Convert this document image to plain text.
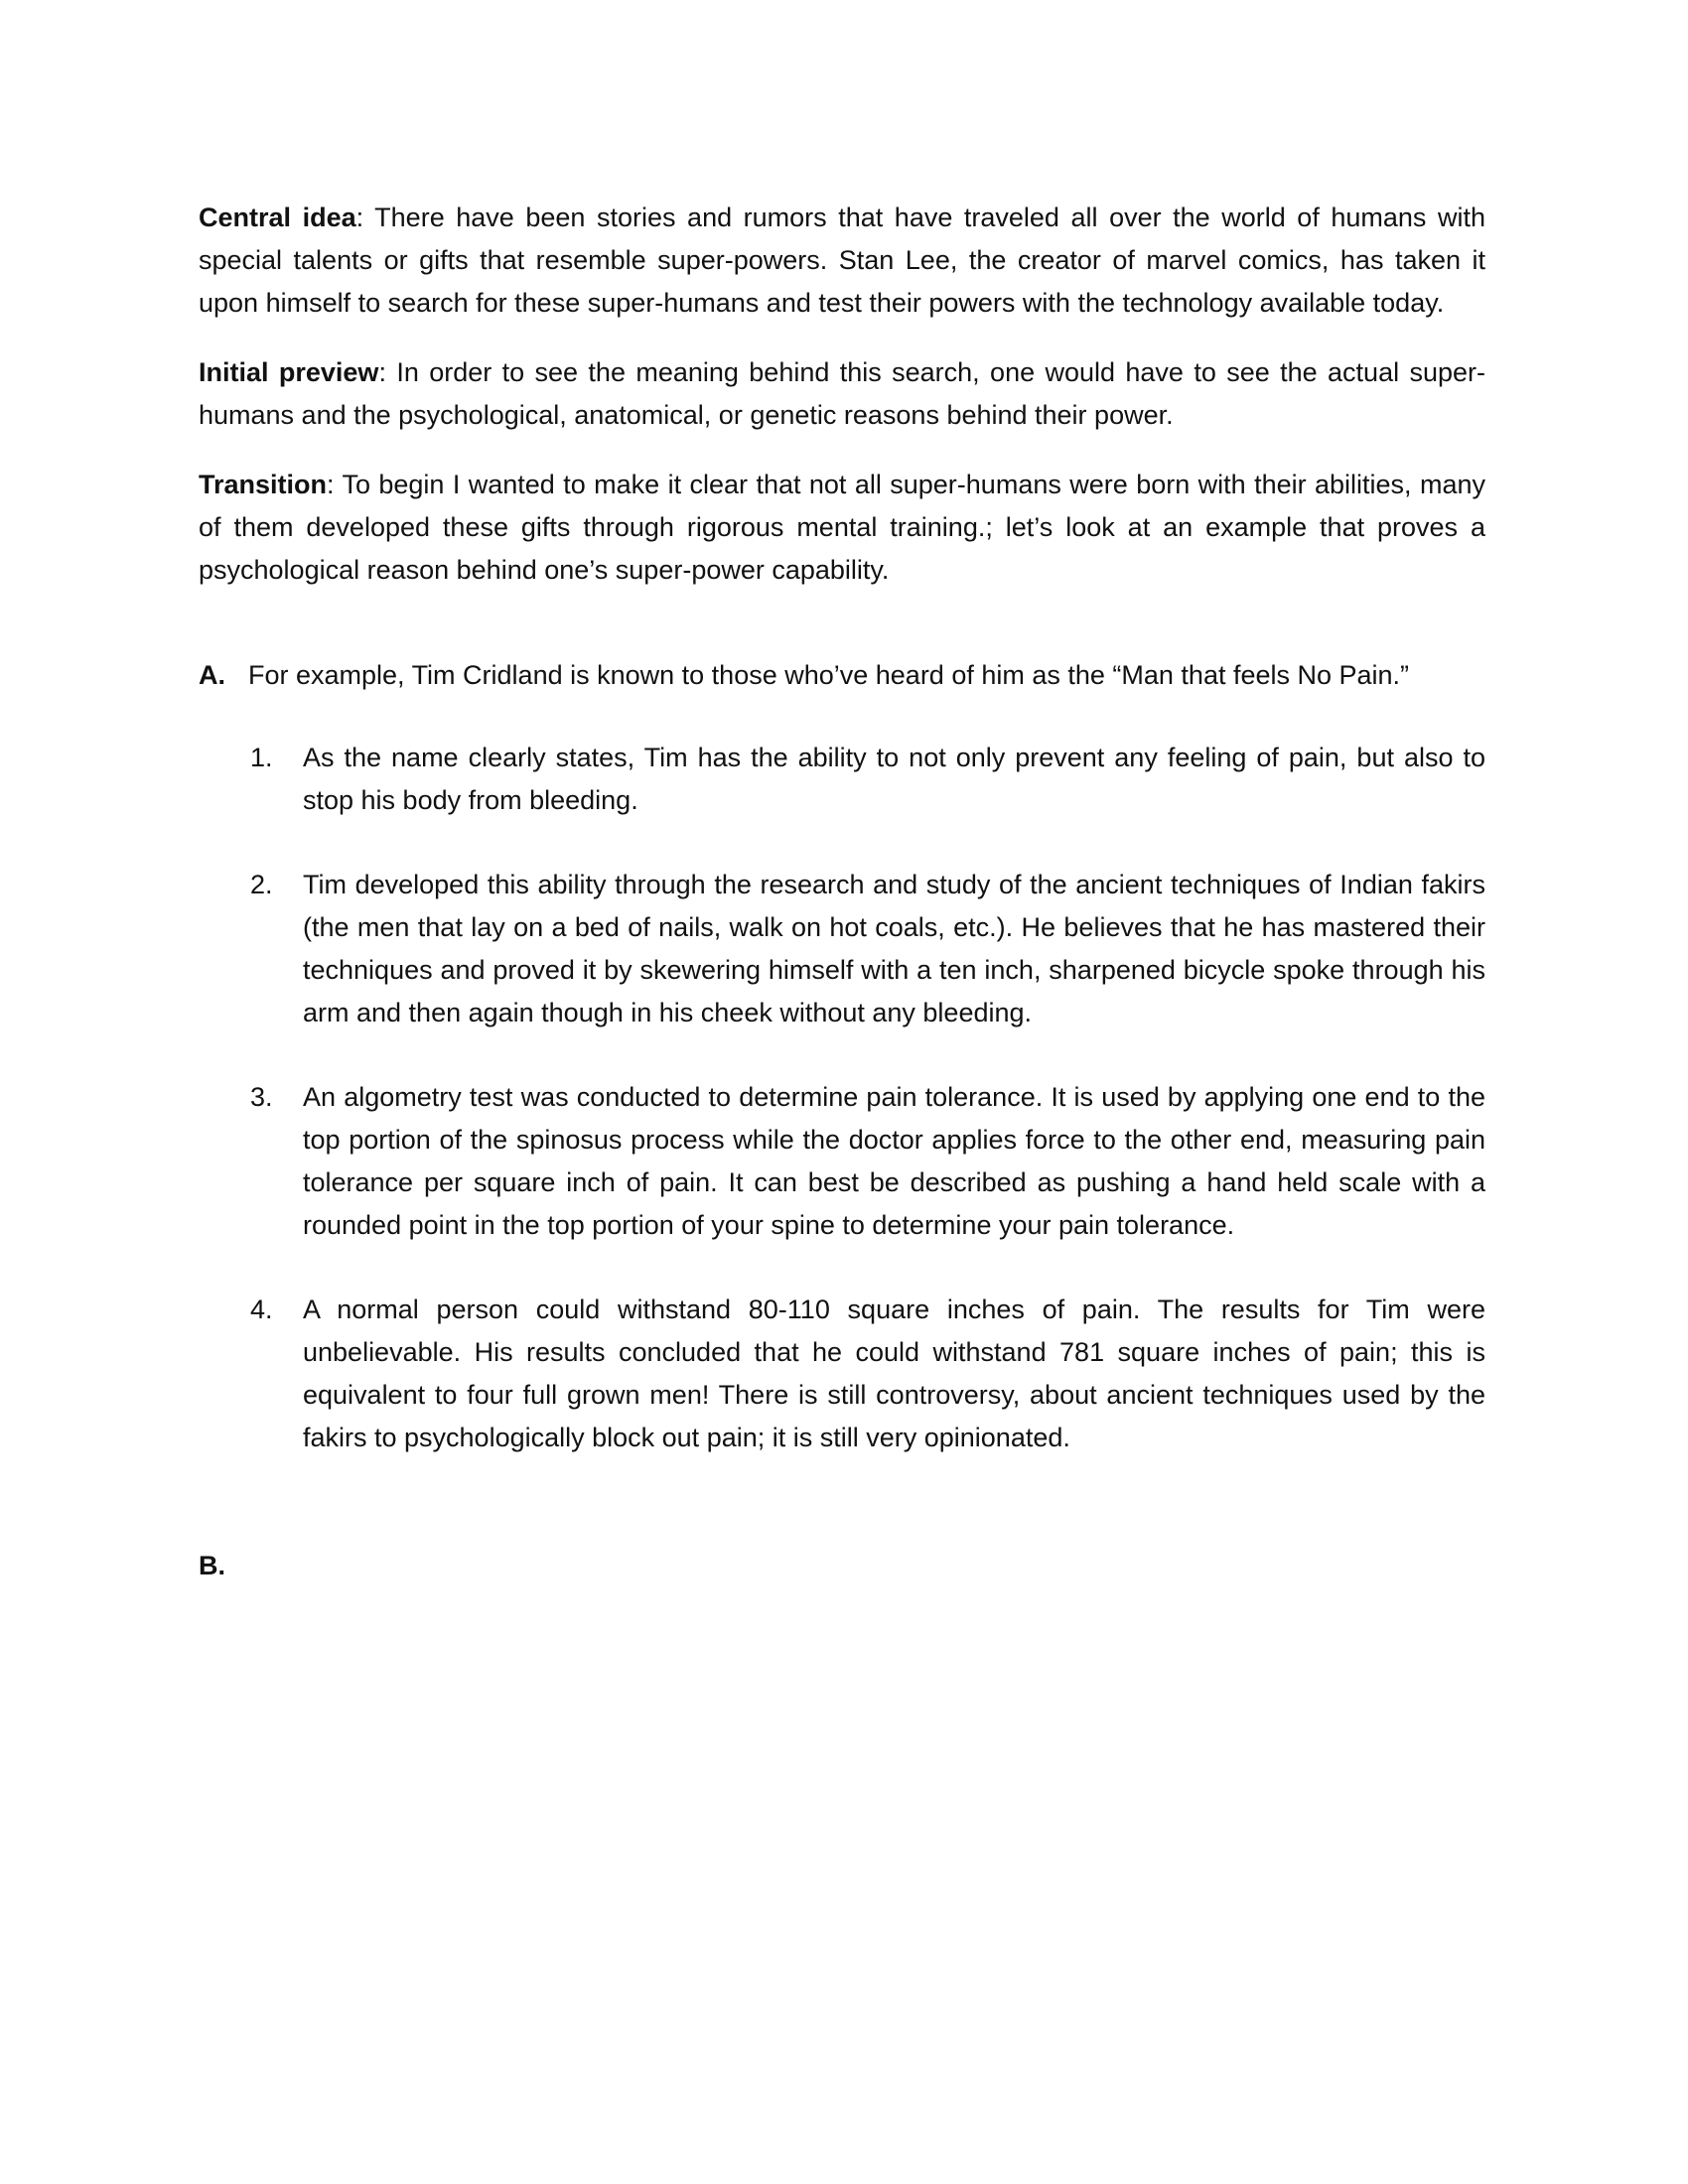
Central idea: There have been stories and rumors that have traveled all over the world of humans with special talents or gifts that resemble super-powers. Stan Lee, the creator of marvel comics, has taken it upon himself to search for these super-humans and test their powers with the technology available today.

Initial preview: In order to see the meaning behind this search, one would have to see the actual super-humans and the psychological, anatomical, or genetic reasons behind their power.

Transition: To begin I wanted to make it clear that not all super-humans were born with their abilities, many of them developed these gifts through rigorous mental training.; let’s look at an example that proves a psychological reason behind one’s super-power capability.

A. For example, Tim Cridland is known to those who’ve heard of him as the “Man that feels No Pain.”
1.	As the name clearly states, Tim has the ability to not only prevent any feeling of pain, but also to stop his body from bleeding.
2.	Tim developed this ability through the research and study of the ancient techniques of Indian fakirs (the men that lay on a bed of nails, walk on hot coals, etc.). He believes that he has mastered their techniques and proved it by skewering himself with a ten inch, sharpened bicycle spoke through his arm and then again though in his cheek without any bleeding.
3.	An algometry test was conducted to determine pain tolerance. It is used by applying one end to the top portion of the spinosus process while the doctor applies force to the other end, measuring pain tolerance per square inch of pain. It can best be described as pushing a hand held scale with a rounded point in the top portion of your spine to determine your pain tolerance.
4.	A normal person could withstand 80-110 square inches of pain. The results for Tim were unbelievable. His results concluded that he could withstand 781 square inches of pain; this is equivalent to four full grown men! There is still controversy, about ancient techniques used by the fakirs to psychologically block out pain; it is still very opinionated.
B.
